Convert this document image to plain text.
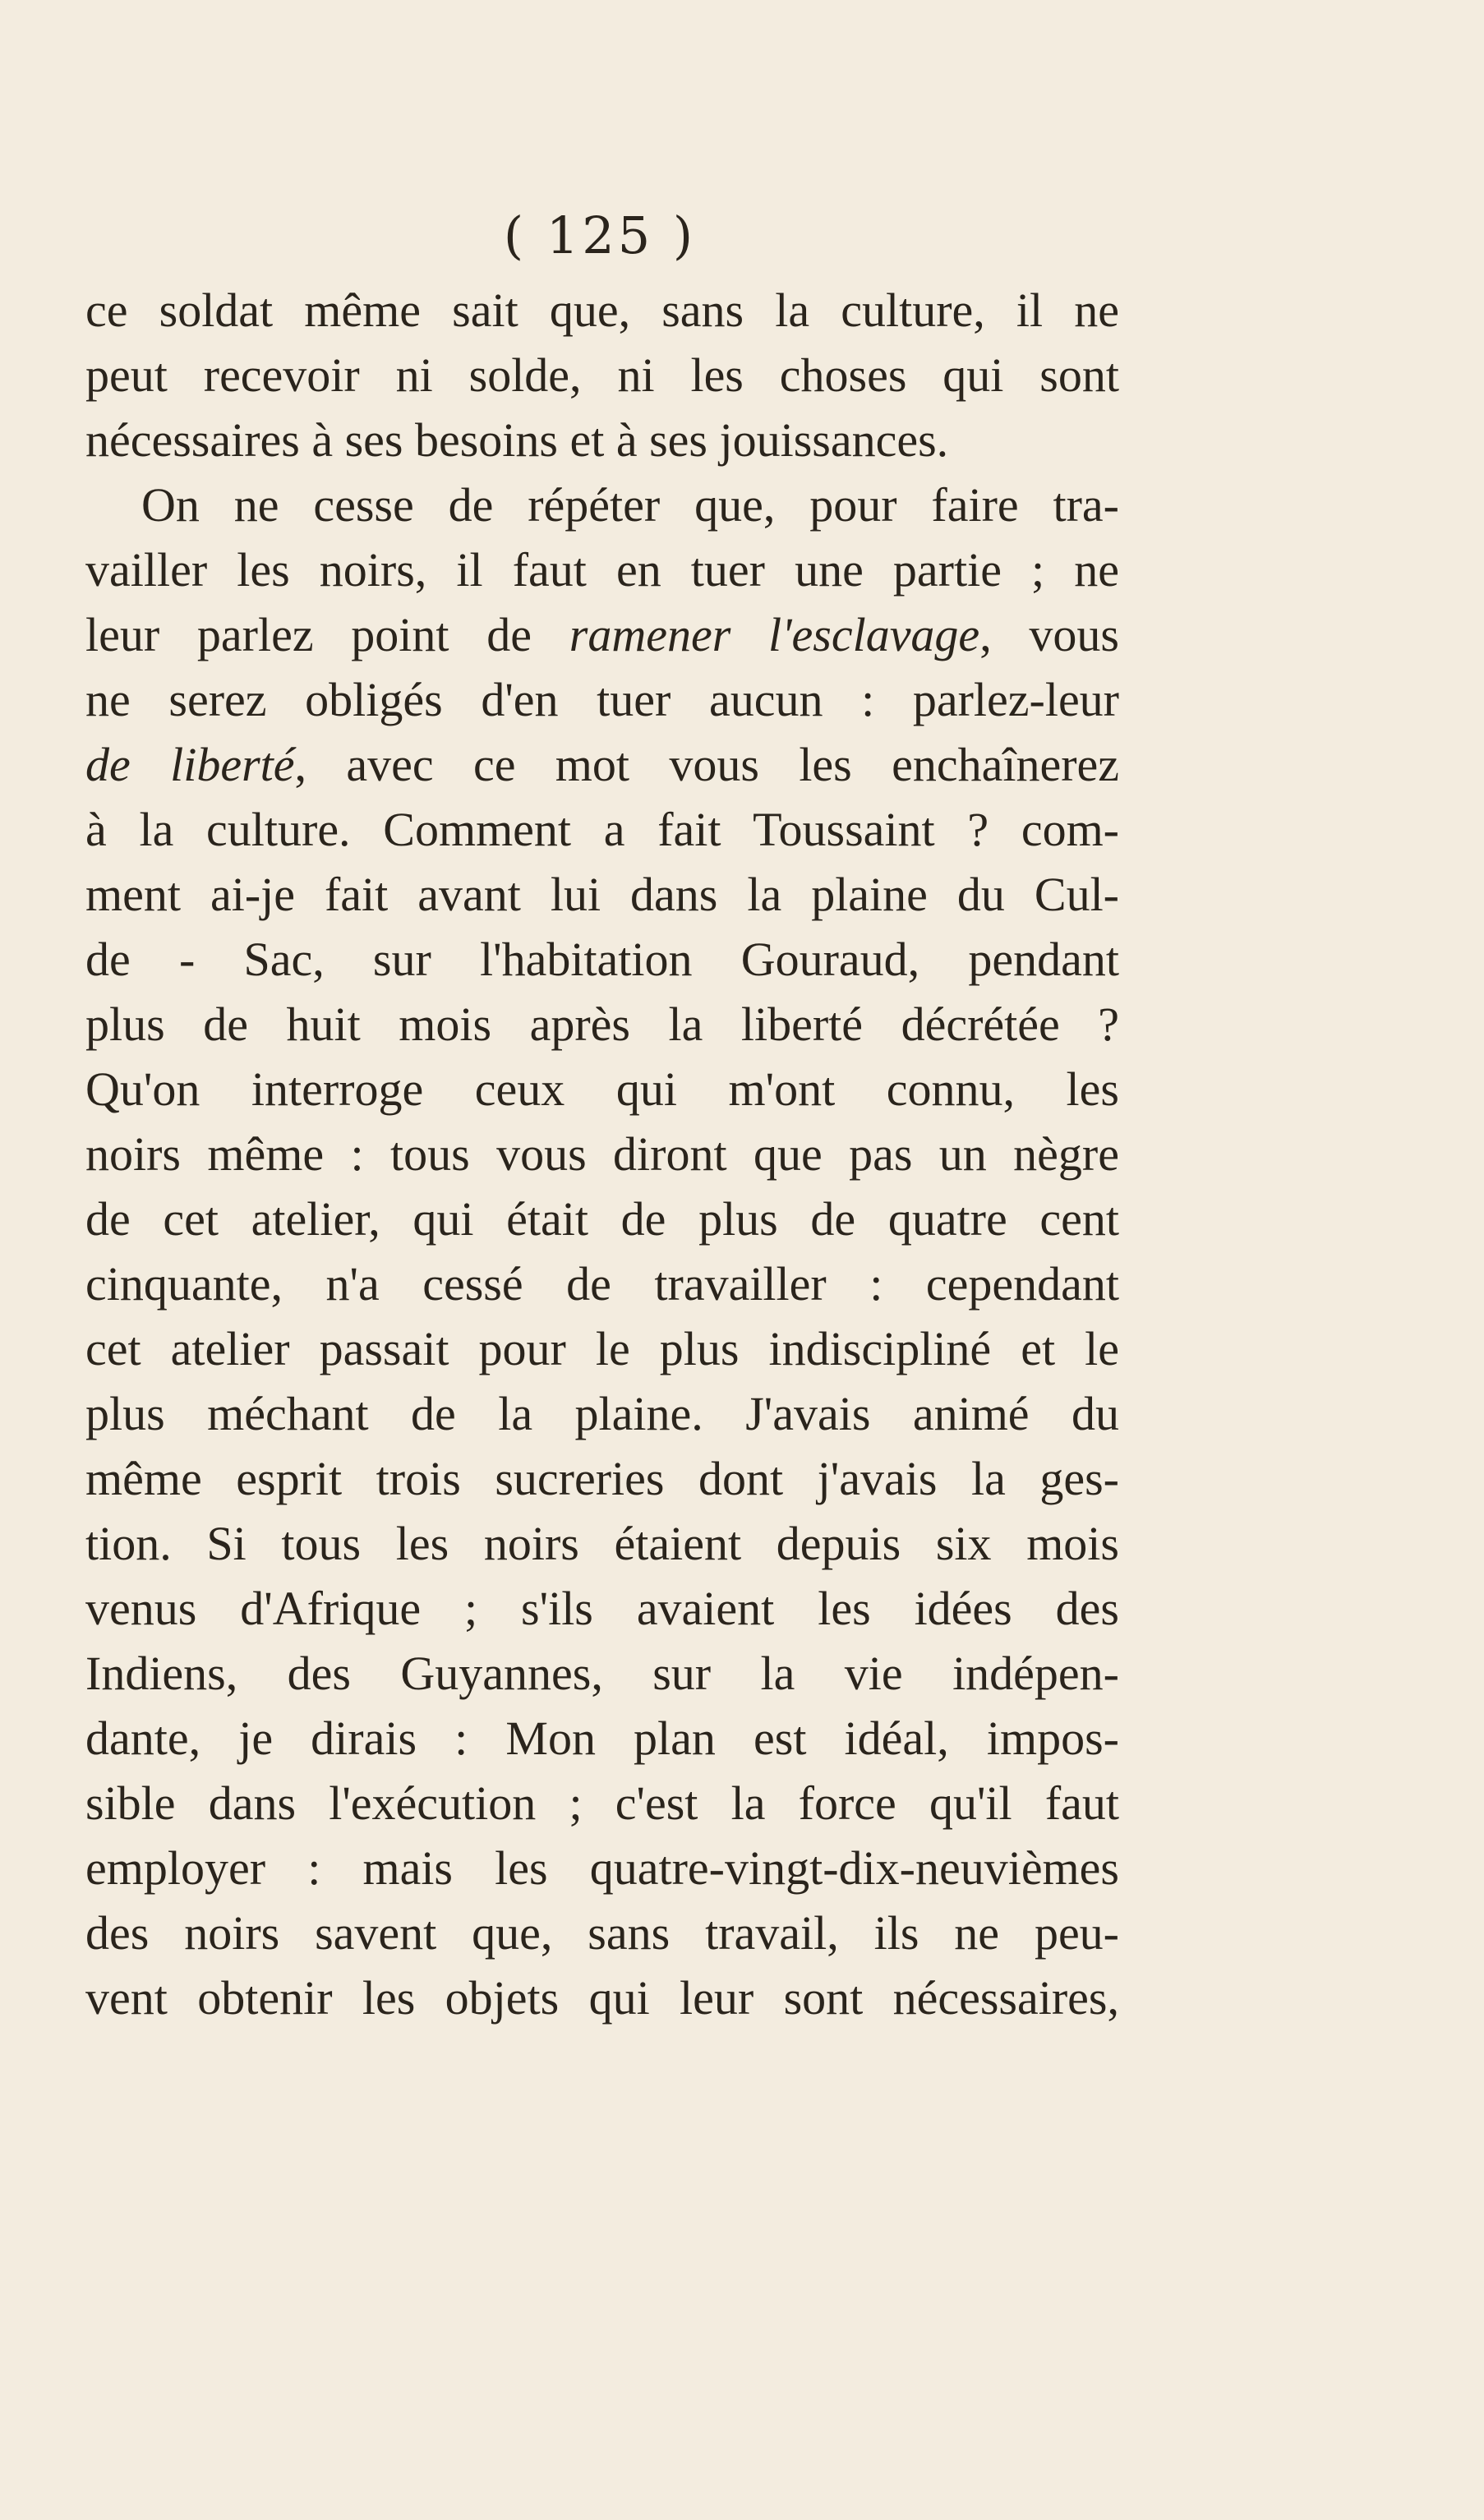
( 125 )
ce soldat même sait que, sans la culture, il ne
peut recevoir ni solde, ni les choses qui sont
nécessaires à ses besoins et à ses jouissances.
On ne cesse de répéter que, pour faire tra-
vailler les noirs, il faut en tuer une partie ; ne
leur parlez point de ramener l'esclavage, vous
ne serez obligés d'en tuer aucun : parlez-leur
de liberté, avec ce mot vous les enchaînerez
à la culture. Comment a fait Toussaint ? com-
ment ai-je fait avant lui dans la plaine du Cul-
de - Sac, sur l'habitation Gouraud, pendant
plus de huit mois après la liberté décrétée ?
Qu'on interroge ceux qui m'ont connu, les
noirs même : tous vous diront que pas un nègre
de cet atelier, qui était de plus de quatre cent
cinquante, n'a cessé de travailler : cependant
cet atelier passait pour le plus indiscipliné et le
plus méchant de la plaine. J'avais animé du
même esprit trois sucreries dont j'avais la ges-
tion. Si tous les noirs étaient depuis six mois
venus d'Afrique ; s'ils avaient les idées des
Indiens, des Guyannes, sur la vie indépen-
dante, je dirais : Mon plan est idéal, impos-
sible dans l'exécution ; c'est la force qu'il faut
employer : mais les quatre-vingt-dix-neuvièmes
des noirs savent que, sans travail, ils ne peu-
vent obtenir les objets qui leur sont nécessaires,
